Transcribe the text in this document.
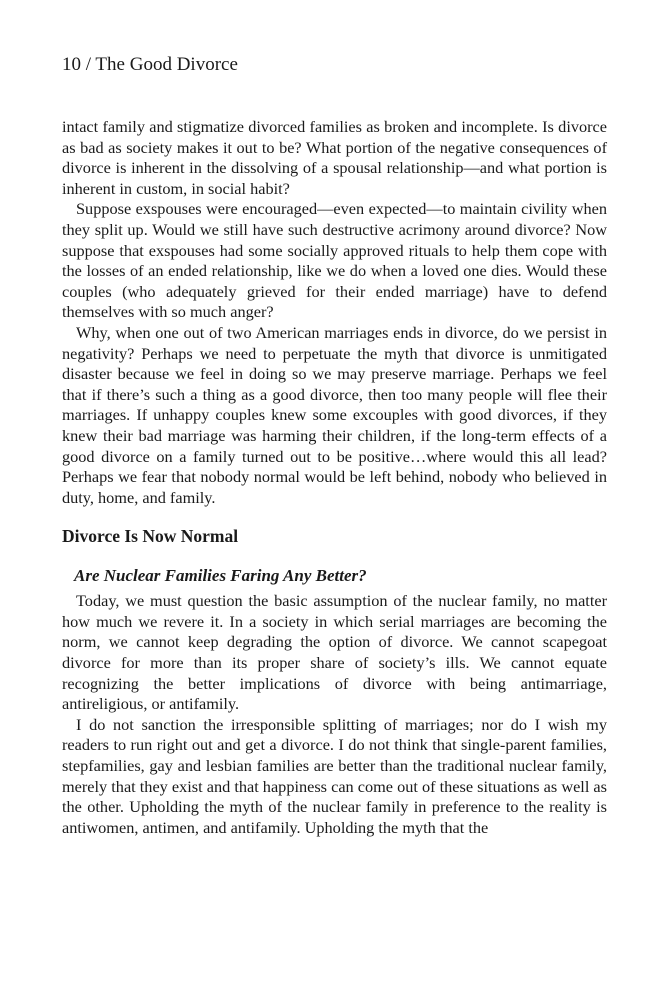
10 / The Good Divorce

intact family and stigmatize divorced families as broken and incomplete. Is divorce as bad as society makes it out to be? What portion of the negative consequences of divorce is inherent in the dissolving of a spousal relationship—and what portion is inherent in custom, in social habit?

Suppose exspouses were encouraged—even expected—to maintain civility when they split up. Would we still have such destructive acrimony around divorce? Now suppose that exspouses had some socially approved rituals to help them cope with the losses of an ended relationship, like we do when a loved one dies. Would these couples (who adequately grieved for their ended marriage) have to defend themselves with so much anger?

Why, when one out of two American marriages ends in divorce, do we persist in negativity? Perhaps we need to perpetuate the myth that divorce is unmitigated disaster because we feel in doing so we may preserve marriage. Perhaps we feel that if there’s such a thing as a good divorce, then too many people will flee their marriages. If unhappy couples knew some excouples with good divorces, if they knew their bad marriage was harming their children, if the long-term effects of a good divorce on a family turned out to be positive…where would this all lead? Perhaps we fear that nobody normal would be left behind, nobody who believed in duty, home, and family.

Divorce Is Now Normal
Are Nuclear Families Faring Any Better?

Today, we must question the basic assumption of the nuclear family, no matter how much we revere it. In a society in which serial marriages are becoming the norm, we cannot keep degrading the option of divorce. We cannot scapegoat divorce for more than its proper share of society’s ills. We cannot equate recognizing the better implications of divorce with being antimarriage, antireligious, or antifamily.

I do not sanction the irresponsible splitting of marriages; nor do I wish my readers to run right out and get a divorce. I do not think that single-parent families, stepfamilies, gay and lesbian families are better than the traditional nuclear family, merely that they exist and that happiness can come out of these situations as well as the other. Upholding the myth of the nuclear family in preference to the reality is antiwomen, antimen, and antifamily. Upholding the myth that the
